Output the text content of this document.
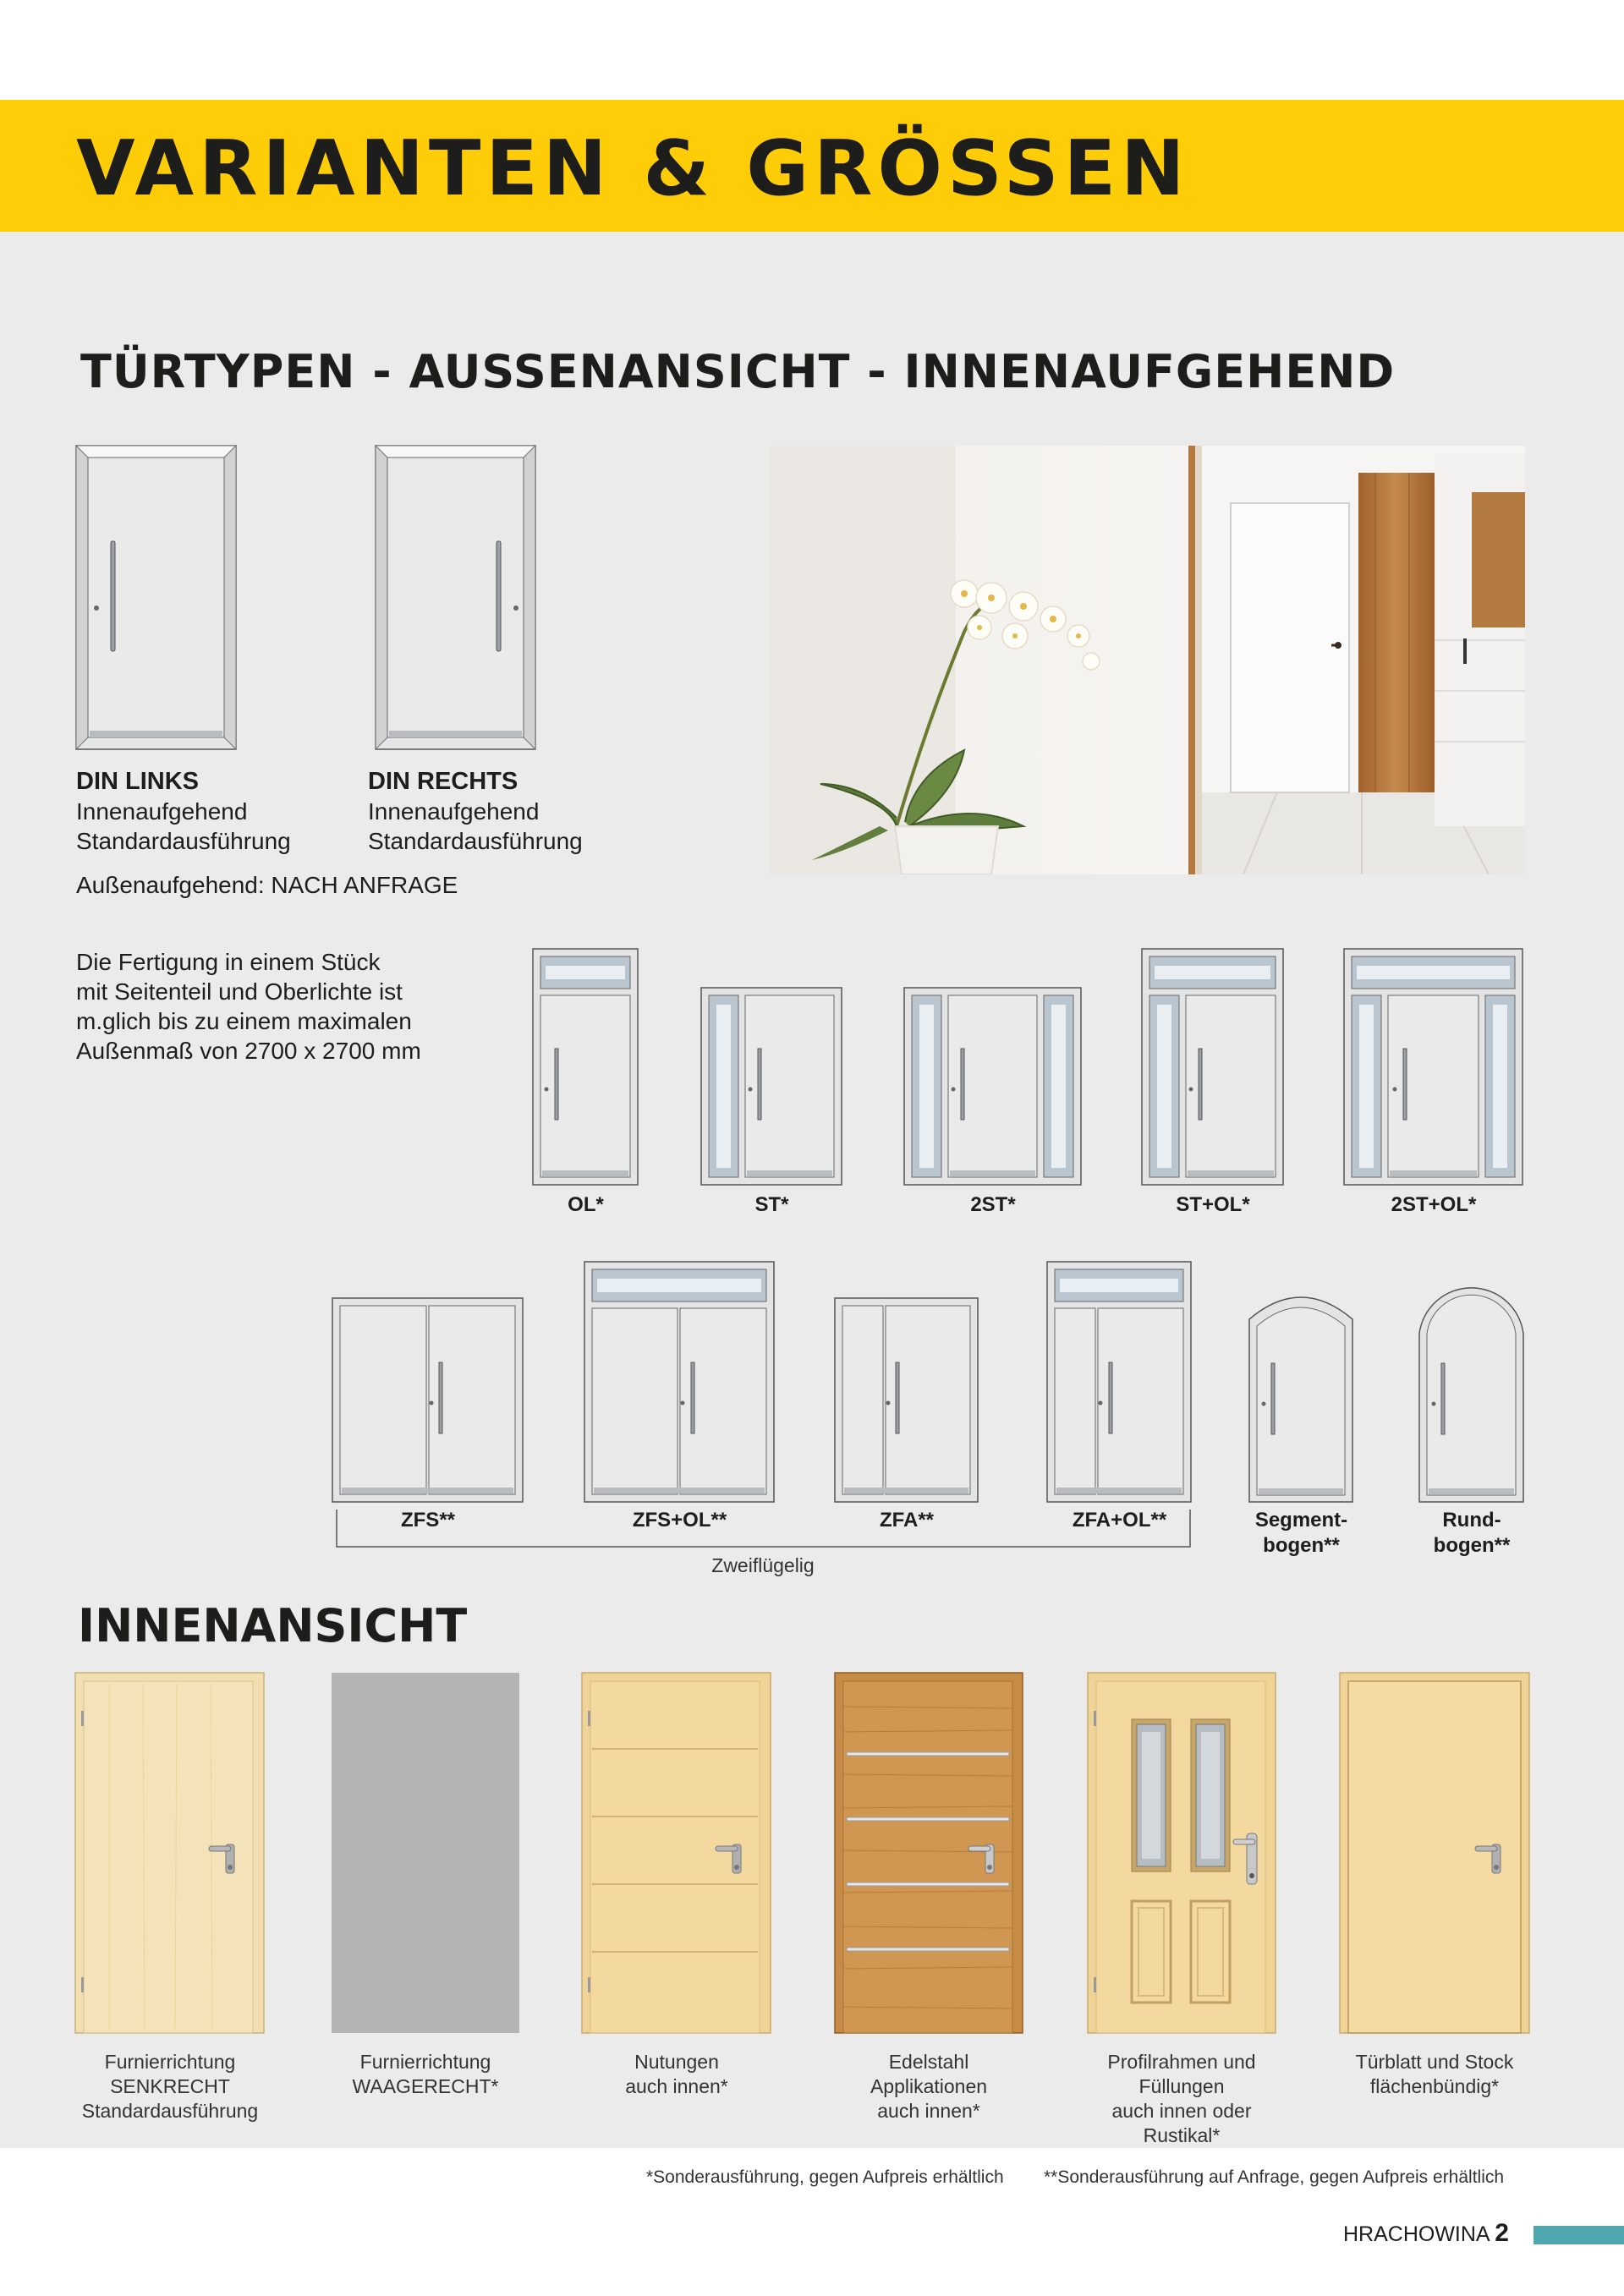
VARIANTEN & GRÖSSEN
TÜRTYPEN - AUSSENANSICHT - INNENAUFGEHEND
DIN LINKS
Innenaufgehend
Standardausführung
DIN RECHTS
Innenaufgehend
Standardausführung
Außenaufgehend: NACH ANFRAGE
Die Fertigung in einem Stück
mit Seitenteil und Oberlichte ist
m.glich bis zu einem maximalen
Außenmaß von 2700 x 2700 mm
OL*	ST*	2ST*	ST+OL*	2ST+OL*
ZFS**	ZFS+OL**	ZFA**	ZFA+OL**	Segment-
bogen**
Rund-
bogen**
Zweiflügelig
INNENANSICHT
Furnierrichtung
SENKRECHT
Standardausführung
Furnierrichtung
WAAGERECHT*
Nutungen
auch innen*
Edelstahl
Applikationen
auch innen*
Profilrahmen und
Füllungen
auch innen oder
Rustikal*
Türblatt und Stock
flächenbündig*
*Sonderausführung, gegen Aufpreis erhältlich **Sonderausführung auf Anfrage, gegen Aufpreis erhältlich
HRACHOWINA 2
